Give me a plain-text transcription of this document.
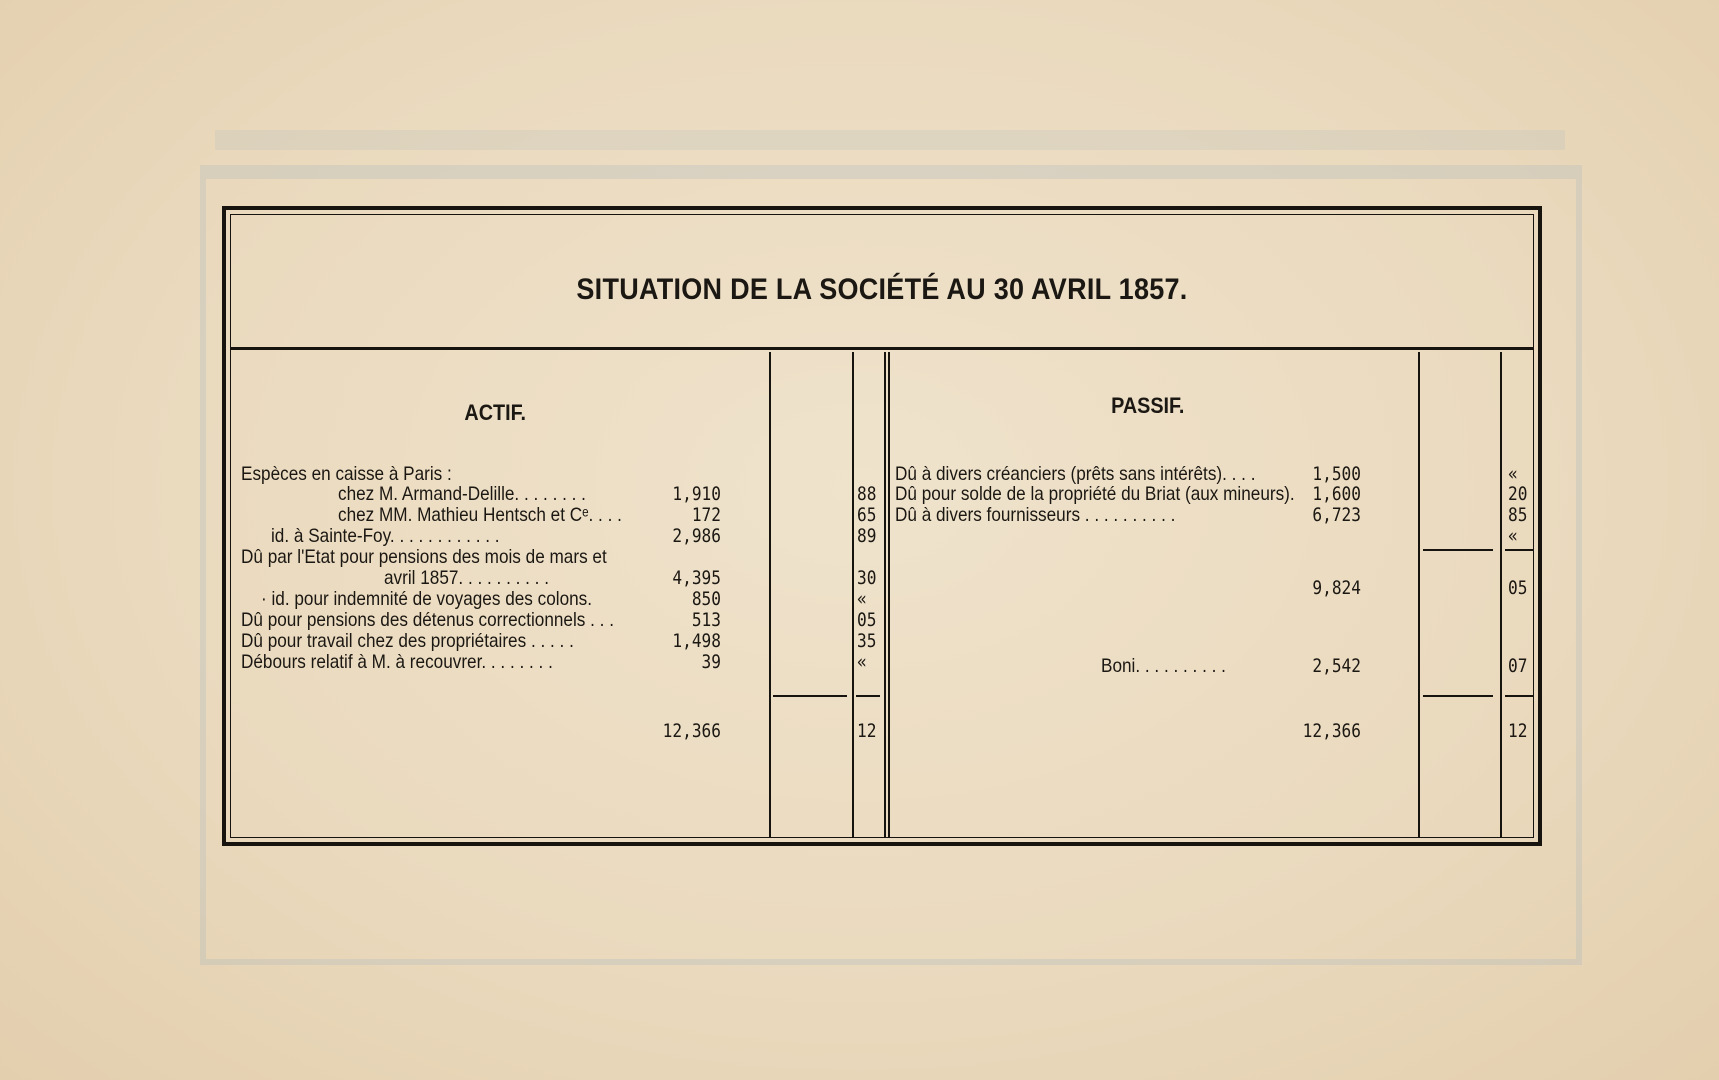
SITUATION DE LA SOCIÉTÉ AU 30 AVRIL 1857.
ACTIF.
Espèces en caisse à Paris :
chez M. Armand-Delille. . . . . . . .	1,910	88
chez MM. Mathieu Hentsch et Cᵉ. . . .	172	65
id. à Sainte-Foy. . . . . . . . . . . .	2,986	89
Dû par l'Etat pour pensions des mois de mars et
avril 1857. . . . . . . . . .	4,395	30
· id. pour indemnité de voyages des colons.	850	«
Dû pour pensions des détenus correctionnels . . .	513	05
Dû pour travail chez des propriétaires . . . . .	1,498	35
Débours relatif à M. à recouvrer. . . . . . . .	39	«
12,366	12
PASSIF.
Dû à divers créanciers (prêts sans intérêts). . . .	1,500	«
Dû pour solde de la propriété du Briat (aux mineurs). 1,600	20
Dû à divers fournisseurs . . . . . . . . . .	6,723	85
«
9,824	05
Boni. . . . . . . . . .	2,542	07
12,366	12
